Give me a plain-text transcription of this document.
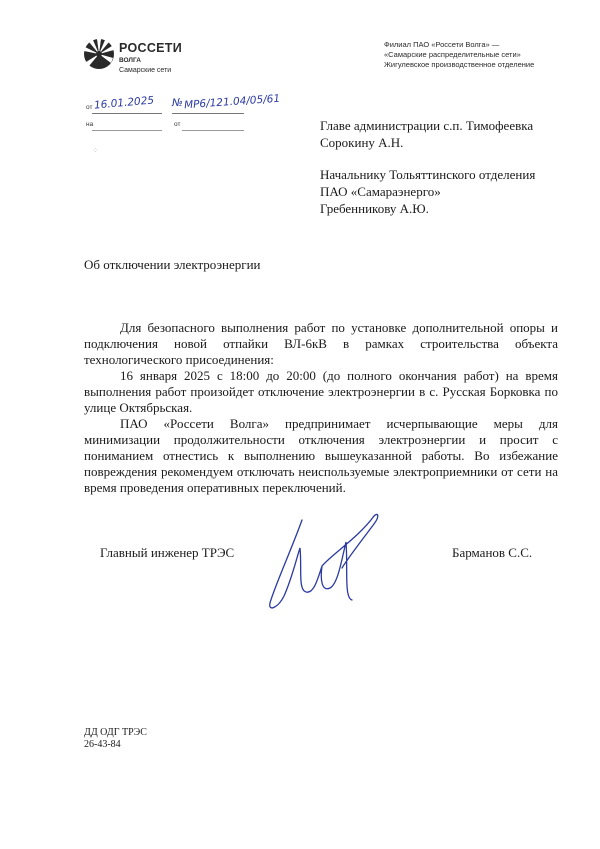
РОССЕТИ
ВОЛГА
Самарские сети
Филиал ПАО «Россети Волга» —
«Самарские распределительные сети»
Жигулевское производственное отделение
от 16.01.2025 № МР6/121.04/05/61
на	от
⁘
Главе администрации с.п. Тимофеевка
Сорокину А.Н.
Начальнику Тольяттинского отделения
ПАО «Самараэнерго»
Гребенникову А.Ю.
Об отключении электроэнергии

Для безопасного выполнения работ по установке дополнительной опоры и подключения новой отпайки ВЛ-6кВ в рамках строительства объекта технологического присоединения:

16 января 2025 с 18:00 до 20:00 (до полного окончания работ) на время выполнения работ произойдет отключение электроэнергии в с. Русская Борковка по улице Октябрьская.

ПАО «Россети Волга» предпринимает исчерпывающие меры для минимизации продолжительности отключения электроэнергии и просит с пониманием отнестись к выполнению вышеуказанной работы. Во избежание повреждения рекомендуем отключать неиспользуемые электроприемники от сети на время проведения оперативных переключений.

Главный инженер ТРЭС	Барманов С.С.
ДД ОДГ ТРЭС
26-43-84
